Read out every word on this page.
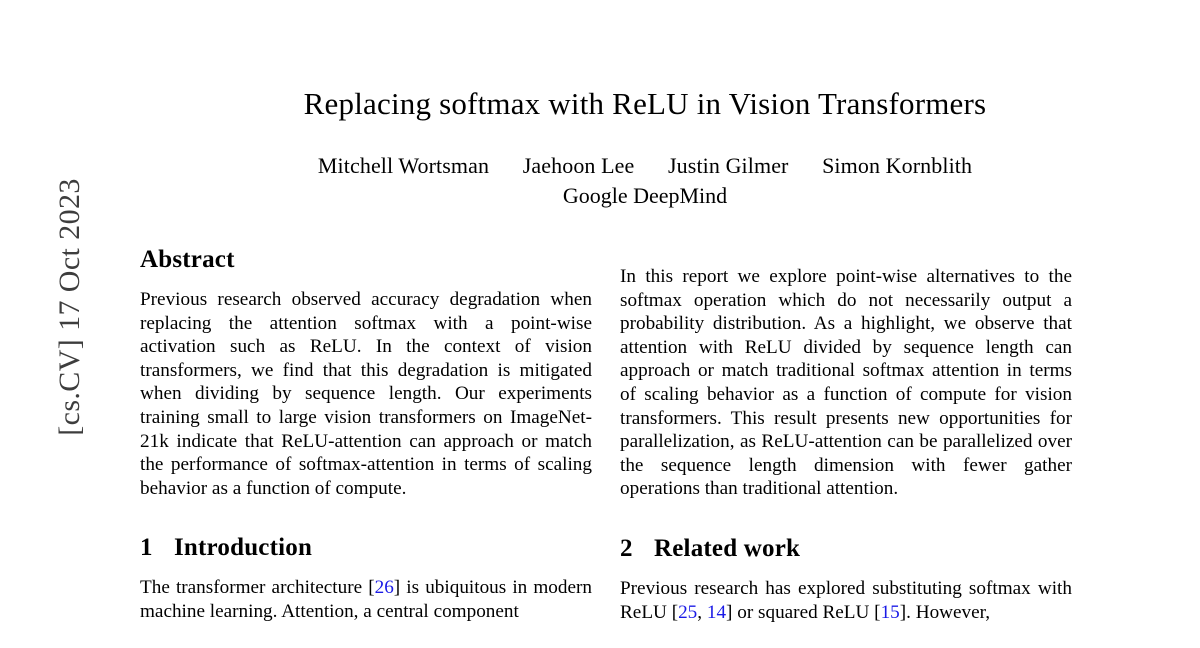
[cs.CV] 17 Oct 2023
Replacing softmax with ReLU in Vision Transformers
Mitchell Wortsman Jaehoon Lee Justin Gilmer Simon Kornblith
Google DeepMind
Abstract

Previous research observed accuracy degradation when replacing the attention softmax with a point-wise activation such as ReLU. In the context of vision transformers, we find that this degradation is mitigated when dividing by sequence length. Our experiments training small to large vision transformers on ImageNet-21k indicate that ReLU-attention can approach or match the performance of softmax-attention in terms of scaling behavior as a function of compute.

1 Introduction

The transformer architecture [26] is ubiquitous in modern machine learning. Attention, a central component

In this report we explore point-wise alternatives to the softmax operation which do not necessarily output a probability distribution. As a highlight, we observe that attention with ReLU divided by sequence length can approach or match traditional softmax attention in terms of scaling behavior as a function of compute for vision transformers. This result presents new opportunities for parallelization, as ReLU-attention can be parallelized over the sequence length dimension with fewer gather operations than traditional attention.

2 Related work

Previous research has explored substituting softmax with ReLU [25, 14] or squared ReLU [15]. However,
